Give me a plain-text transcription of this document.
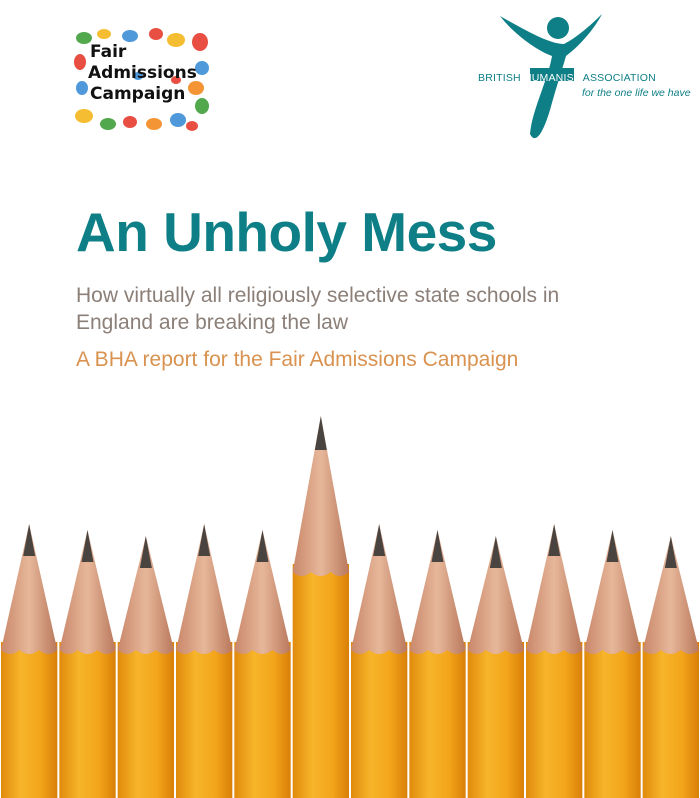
Fair
Admissions
Campaign
BRITISH HUMANIST ASSOCIATION
for the one life we have
An Unholy Mess

How virtually all religiously selective state schools in England are breaking the law

A BHA report for the Fair Admissions Campaign
